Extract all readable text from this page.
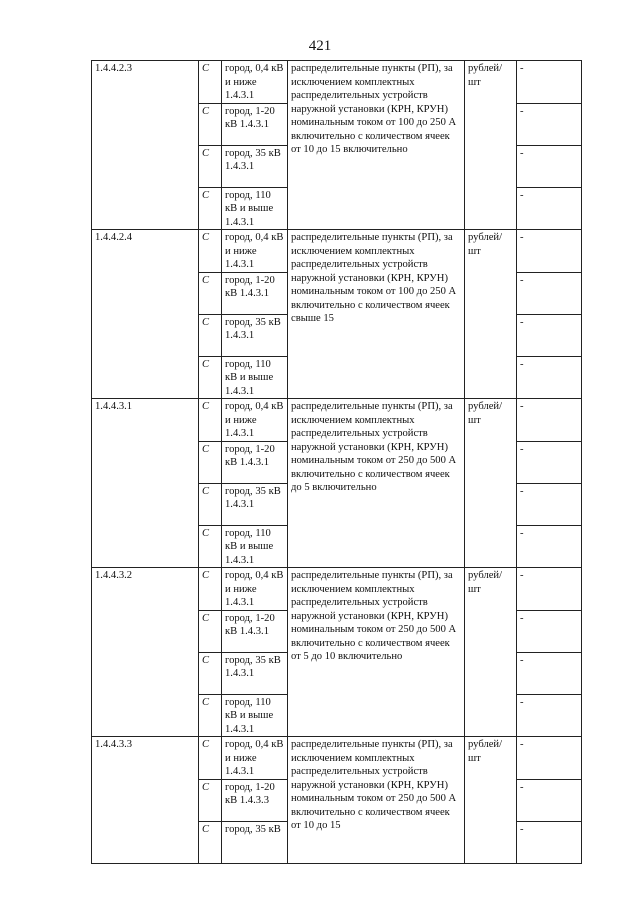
421
1.4.4.2.3	С	город, 0,4 кВ и ниже 1.4.3.1	распределительные пункты (РП), за исключением комплектных распределительных устройств наружной установки (КРН, КРУН) номинальным током от 100 до 250 А включительно с количеством ячеек от 10 до 15 включительно	рублей/ шт	-
	С	город, 1-20 кВ 1.4.3.1			-
	С	город, 35 кВ 1.4.3.1			-
	С	город, 110 кВ и выше 1.4.3.1			-
1.4.4.2.4	С	город, 0,4 кВ и ниже 1.4.3.1	распределительные пункты (РП), за исключением комплектных распределительных устройств наружной установки (КРН, КРУН) номинальным током от 100 до 250 А включительно с количеством ячеек свыше 15	рублей/ шт	-
	С	город, 1-20 кВ 1.4.3.1			-
	С	город, 35 кВ 1.4.3.1			-
	С	город, 110 кВ и выше 1.4.3.1			-
1.4.4.3.1	С	город, 0,4 кВ и ниже 1.4.3.1	распределительные пункты (РП), за исключением комплектных распределительных устройств наружной установки (КРН, КРУН) номинальным током от 250 до 500 А включительно с количеством ячеек до 5 включительно	рублей/ шт	-
	С	город, 1-20 кВ 1.4.3.1			-
	С	город, 35 кВ 1.4.3.1			-
	С	город, 110 кВ и выше 1.4.3.1			-
1.4.4.3.2	С	город, 0,4 кВ и ниже 1.4.3.1	распределительные пункты (РП), за исключением комплектных распределительных устройств наружной установки (КРН, КРУН) номинальным током от 250 до 500 А включительно с количеством ячеек от 5 до 10 включительно	рублей/ шт	-
	С	город, 1-20 кВ 1.4.3.1			-
	С	город, 35 кВ 1.4.3.1			-
	С	город, 110 кВ и выше 1.4.3.1			-
1.4.4.3.3	С	город, 0,4 кВ и ниже 1.4.3.1	распределительные пункты (РП), за исключением комплектных распределительных устройств наружной установки (КРН, КРУН) номинальным током от 250 до 500 А включительно с количеством ячеек от 10 до 15	рублей/ шт	-
	С	город, 1-20 кВ 1.4.3.3			-
	С	город, 35 кВ			-
